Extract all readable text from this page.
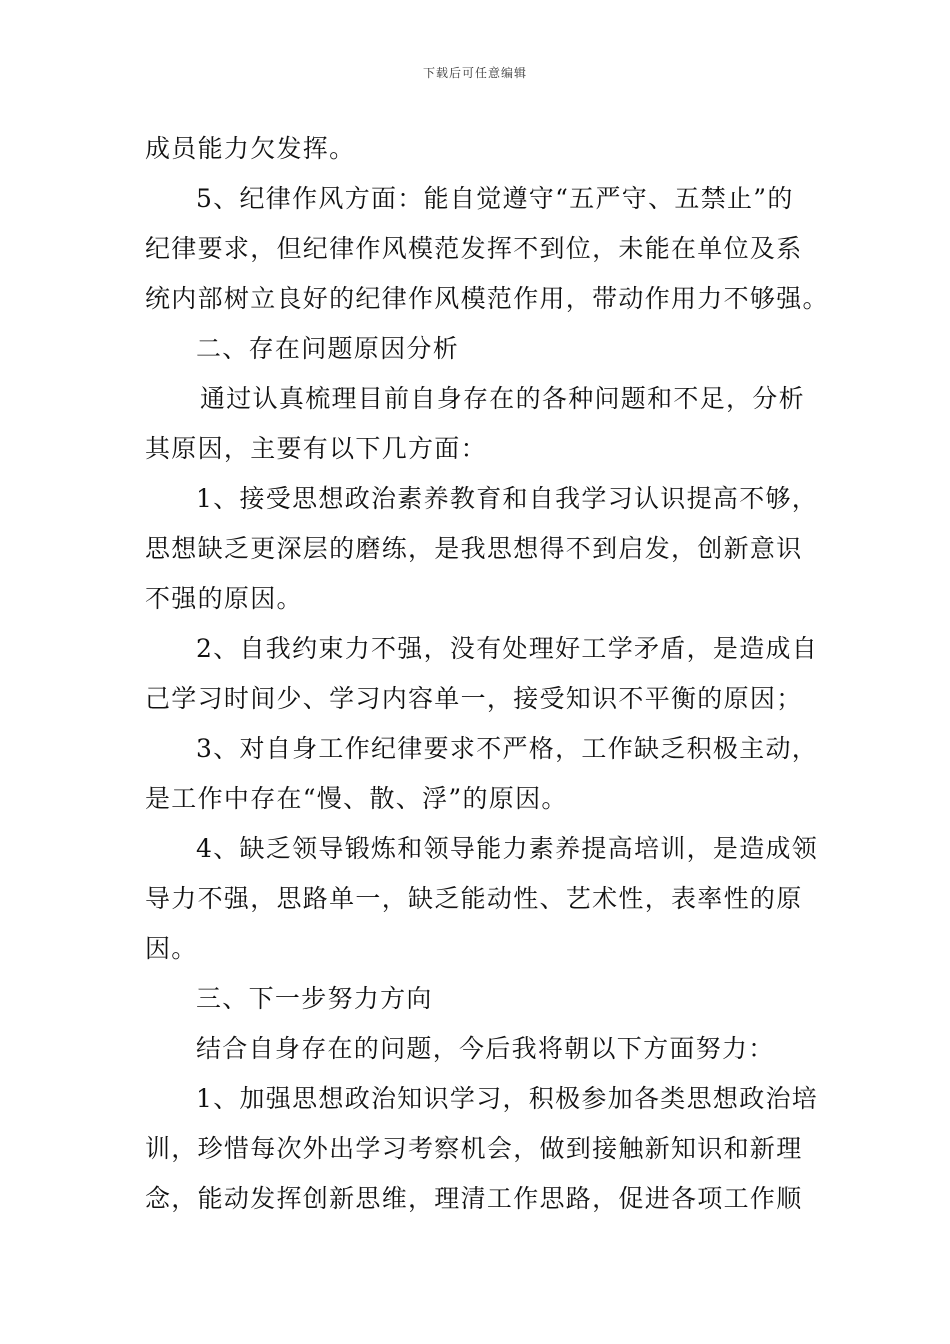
下载后可任意编辑
成员能力欠发挥。
5、纪律作风方面：能自觉遵守“五严守、五禁止”的
纪律要求，但纪律作风模范发挥不到位，未能在单位及系
统内部树立良好的纪律作风模范作用，带动作用力不够强。
二、存在问题原因分析
通过认真梳理目前自身存在的各种问题和不足，分析
其原因，主要有以下几方面：
1、接受思想政治素养教育和自我学习认识提高不够，
思想缺乏更深层的磨练，是我思想得不到启发，创新意识
不强的原因。
2、自我约束力不强，没有处理好工学矛盾，是造成自
己学习时间少、学习内容单一，接受知识不平衡的原因；
3、对自身工作纪律要求不严格，工作缺乏积极主动，
是工作中存在“慢、散、浮”的原因。
4、缺乏领导锻炼和领导能力素养提高培训，是造成领
导力不强，思路单一，缺乏能动性、艺术性，表率性的原
因。
三、下一步努力方向
结合自身存在的问题，今后我将朝以下方面努力：
1、加强思想政治知识学习，积极参加各类思想政治培
训，珍惜每次外出学习考察机会，做到接触新知识和新理
念，能动发挥创新思维，理清工作思路，促进各项工作顺
